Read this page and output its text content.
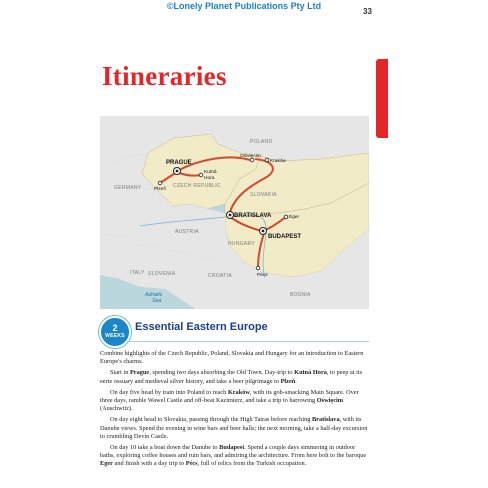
©Lonely Planet Publications Pty Ltd
33
Itineraries
POLAND
GERMANY	CZECH REPUBLIC
SLOVAKIA
AUSTRIA
HUNGARY
ITALY SLOVENIA	CROATIA
BOSNIA
Adriatic
Sea
PRAGUE
Kutná
Hora
Plzeň
Oświęcim
Kraków
BRATISLAVA	Eger
BUDAPEST
Pécs
2
WEEKS
Essential Eastern Europe

Combine highlights of the Czech Republic, Poland, Slovakia and Hungary for an introduction to Eastern Europe's charms.

Start in Prague, spending two days absorbing the Old Town. Day-trip to Kutná Hora, to peep at its eerie ossuary and medieval silver history, and take a beer pilgrimage to Plzeň.

On day five head by train into Poland to reach Kraków, with its gob-smacking Main Square. Over three days, ramble Wawel Castle and off-beat Kazimierz, and take a trip to harrowing Oświęcim (Auschwitz).

On day eight head to Slovakia, passing through the High Tatras before reaching Bratislava, with its Danube views. Spend the evening in wine bars and beer halls; the next morning, take a half-day excursion to crumbling Devín Castle.

On day 10 take a boat down the Danube to Budapest. Spend a couple days simmering in outdoor baths, exploring coffee houses and ruin bars, and admiring the architecture. From here bolt to the baroque Eger and finish with a day trip to Pécs, full of relics from the Turkish occupation.
